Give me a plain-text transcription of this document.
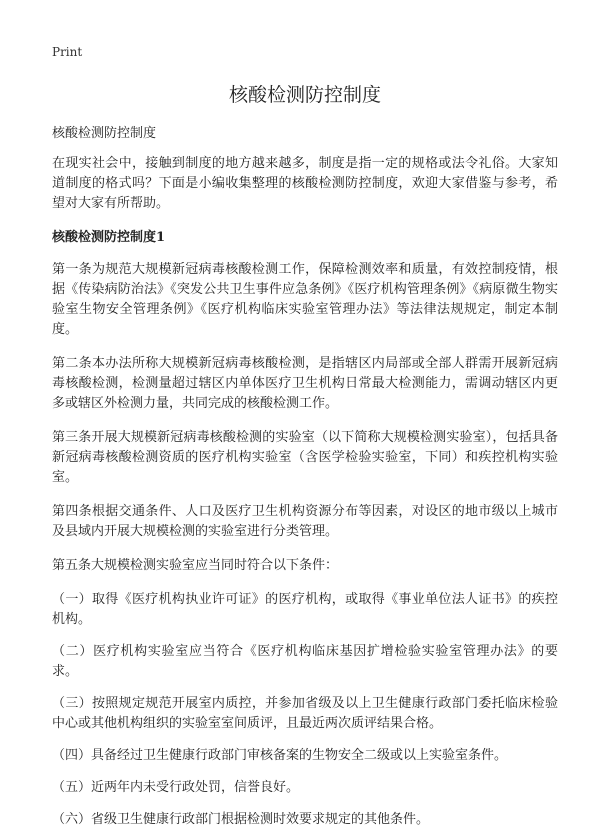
Print
核酸检测防控制度
核酸检测防控制度

在现实社会中，接触到制度的地方越来越多，制度是指一定的规格或法令礼俗。大家知道制度的格式吗？下面是小编收集整理的核酸检测防控制度，欢迎大家借鉴与参考，希望对大家有所帮助。

核酸检测防控制度1

第一条为规范大规模新冠病毒核酸检测工作，保障检测效率和质量，有效控制疫情，根据《传染病防治法》《突发公共卫生事件应急条例》《医疗机构管理条例》《病原微生物实验室生物安全管理条例》《医疗机构临床实验室管理办法》等法律法规规定，制定本制度。

第二条本办法所称大规模新冠病毒核酸检测，是指辖区内局部或全部人群需开展新冠病毒核酸检测，检测量超过辖区内单体医疗卫生机构日常最大检测能力，需调动辖区内更多或辖区外检测力量，共同完成的核酸检测工作。

第三条开展大规模新冠病毒核酸检测的实验室（以下简称大规模检测实验室），包括具备新冠病毒核酸检测资质的医疗机构实验室（含医学检验实验室，下同）和疾控机构实验室。

第四条根据交通条件、人口及医疗卫生机构资源分布等因素，对设区的地市级以上城市及县域内开展大规模检测的实验室进行分类管理。

第五条大规模检测实验室应当同时符合以下条件：

（一）取得《医疗机构执业许可证》的医疗机构，或取得《事业单位法人证书》的疾控机构。

（二）医疗机构实验室应当符合《医疗机构临床基因扩增检验实验室管理办法》的要求。

（三）按照规定规范开展室内质控，并参加省级及以上卫生健康行政部门委托临床检验中心或其他机构组织的实验室室间质评，且最近两次质评结果合格。

（四）具备经过卫生健康行政部门审核备案的生物安全二级或以上实验室条件。

（五）近两年内未受行政处罚，信誉良好。

（六）省级卫生健康行政部门根据检测时效要求规定的其他条件。
